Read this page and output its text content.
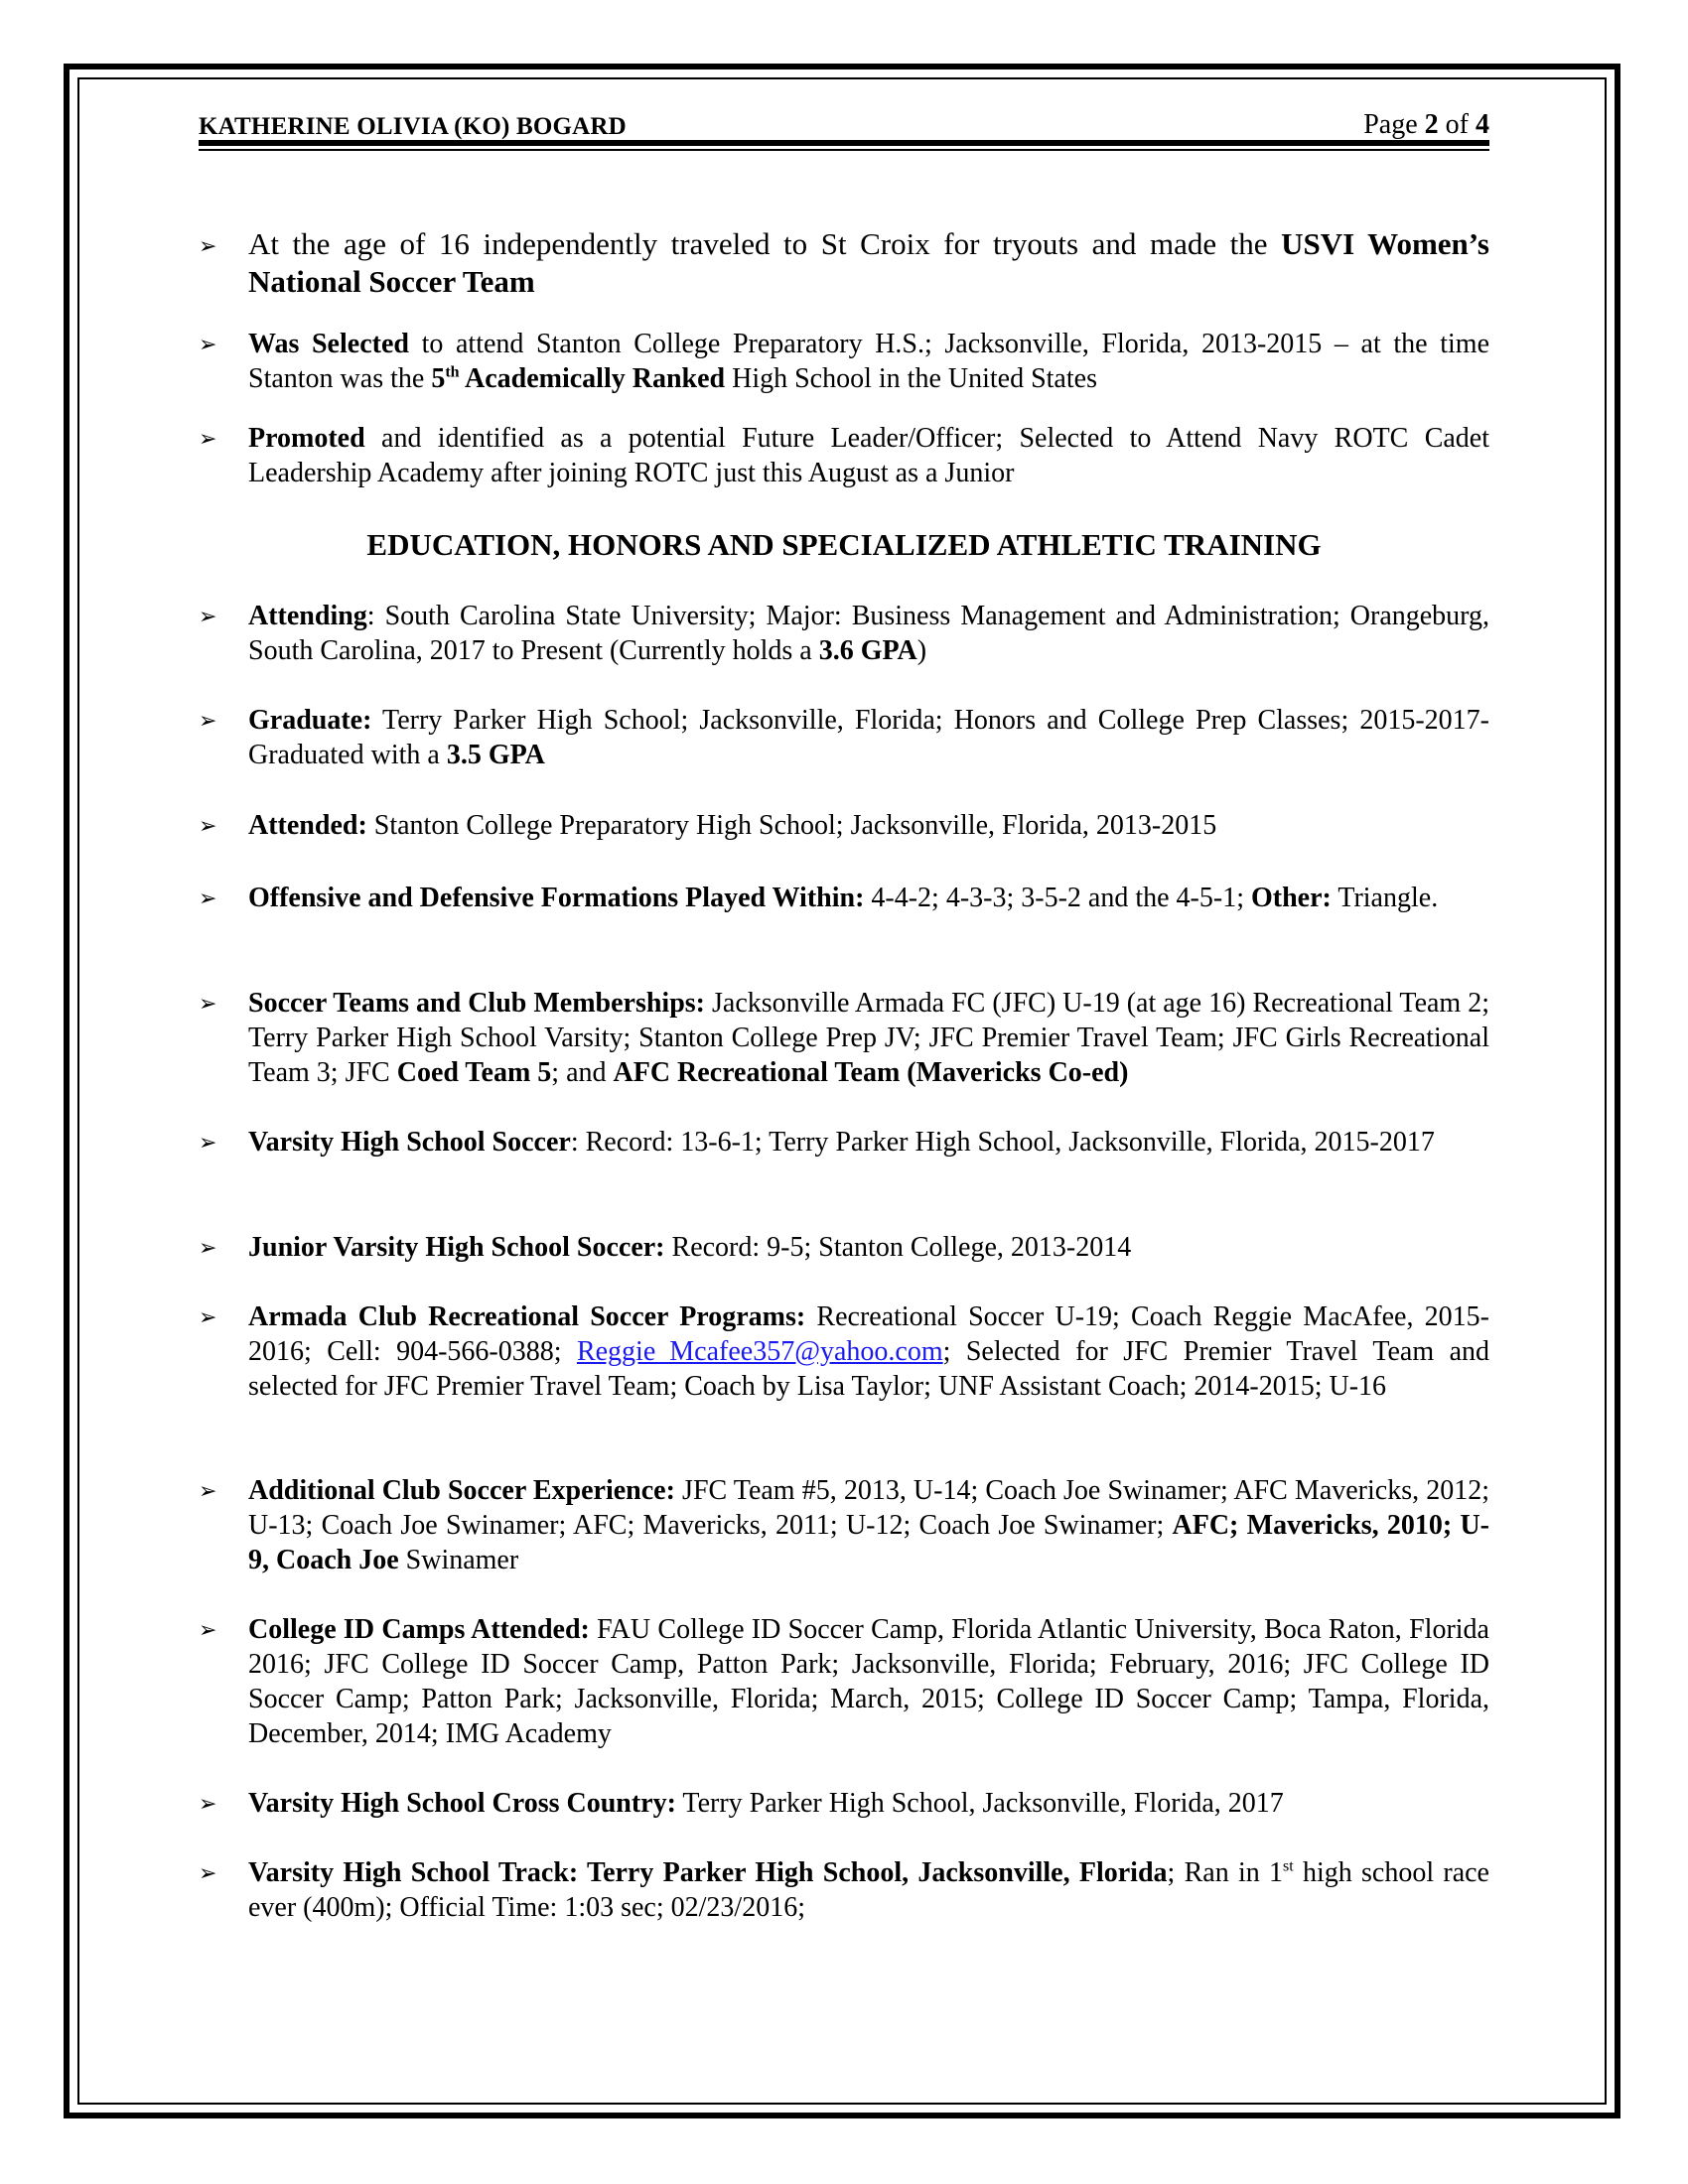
KATHERINE OLIVIA (KO) BOGARD	Page 2 of 4
➢	At the age of 16 independently traveled to St Croix for tryouts and made the USVI Women’s National Soccer Team
➢	Was Selected to attend Stanton College Preparatory H.S.; Jacksonville, Florida, 2013-2015 – at the time Stanton was the 5th Academically Ranked High School in the United States
➢	Promoted and identified as a potential Future Leader/Officer; Selected to Attend Navy ROTC Cadet Leadership Academy after joining ROTC just this August as a Junior
EDUCATION, HONORS AND SPECIALIZED ATHLETIC TRAINING
➢	Attending: South Carolina State University; Major: Business Management and Administration; Orangeburg, South Carolina, 2017 to Present (Currently holds a 3.6 GPA)
➢	Graduate: Terry Parker High School; Jacksonville, Florida; Honors and College Prep Classes; 2015-2017- Graduated with a 3.5 GPA
➢	Attended: Stanton College Preparatory High School; Jacksonville, Florida, 2013-2015
➢	Offensive and Defensive Formations Played Within: 4-4-2; 4-3-3; 3-5-2 and the 4-5-1; Other: Triangle.
➢	Soccer Teams and Club Memberships: Jacksonville Armada FC (JFC) U-19 (at age 16) Recreational Team 2; Terry Parker High School Varsity; Stanton College Prep JV; JFC Premier Travel Team; JFC Girls Recreational Team 3; JFC Coed Team 5; and AFC Recreational Team (Mavericks Co-ed)
➢	Varsity High School Soccer: Record: 13-6-1; Terry Parker High School, Jacksonville, Florida, 2015-2017
➢	Junior Varsity High School Soccer: Record: 9-5; Stanton College, 2013-2014
➢	Armada Club Recreational Soccer Programs: Recreational Soccer U-19; Coach Reggie MacAfee, 2015-2016; Cell: 904-566-0388; Reggie_Mcafee357@yahoo.com; Selected for JFC Premier Travel Team and selected for JFC Premier Travel Team; Coach by Lisa Taylor; UNF Assistant Coach; 2014-2015; U-16
➢	Additional Club Soccer Experience: JFC Team #5, 2013, U-14; Coach Joe Swinamer; AFC Mavericks, 2012; U-13; Coach Joe Swinamer; AFC; Mavericks, 2011; U-12; Coach Joe Swinamer; AFC; Mavericks, 2010; U-9, Coach Joe Swinamer
➢	College ID Camps Attended: FAU College ID Soccer Camp, Florida Atlantic University, Boca Raton, Florida 2016; JFC College ID Soccer Camp, Patton Park; Jacksonville, Florida; February, 2016; JFC College ID Soccer Camp; Patton Park; Jacksonville, Florida; March, 2015; College ID Soccer Camp; Tampa, Florida, December, 2014; IMG Academy
➢	Varsity High School Cross Country: Terry Parker High School, Jacksonville, Florida, 2017
➢	Varsity High School Track: Terry Parker High School, Jacksonville, Florida; Ran in 1st high school race ever (400m); Official Time: 1:03 sec; 02/23/2016;
